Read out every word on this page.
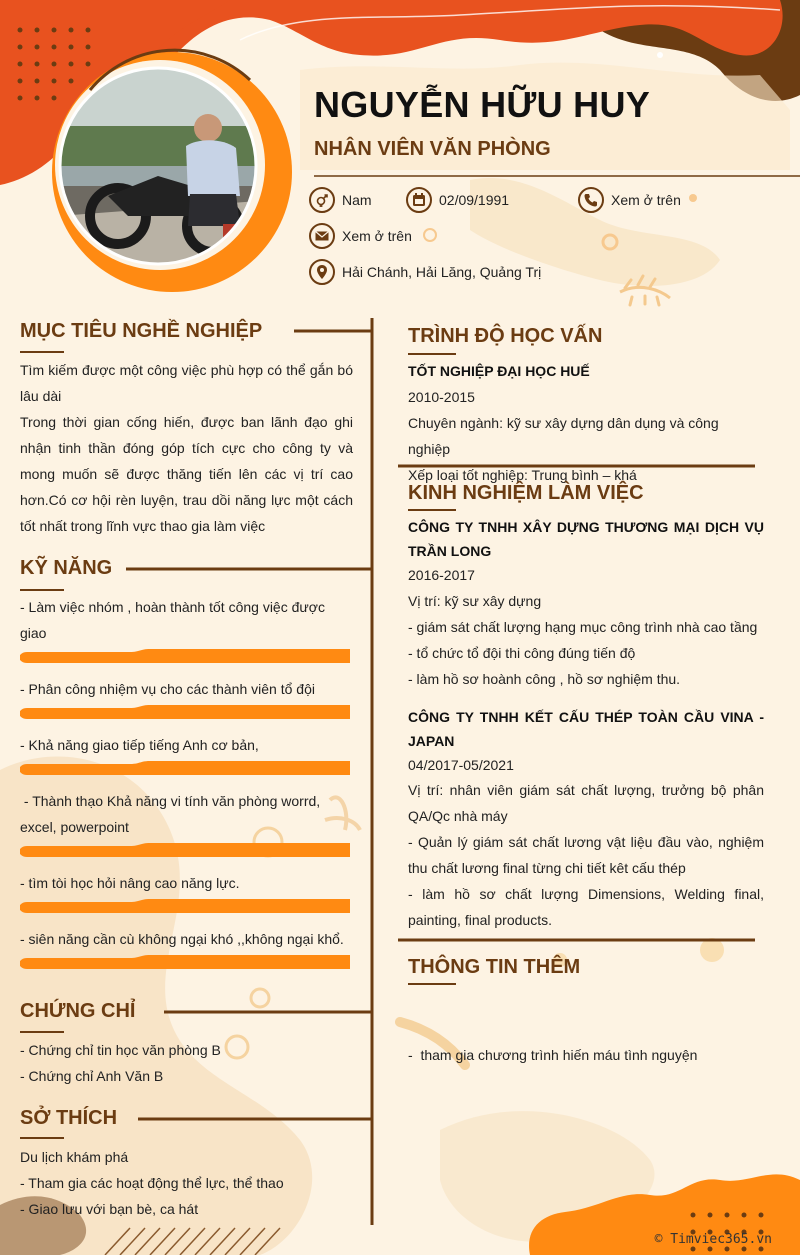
NGUYỄN HỮU HUY
NHÂN VIÊN VĂN PHÒNG
Nam	02/09/1991	Xem ở trên
Xem ở trên
Hải Chánh, Hải Lăng, Quảng Trị
MỤC TIÊU NGHỀ NGHIỆP

Tìm kiếm được một công việc phù hợp có thể gắn bó lâu dài

Trong thời gian cống hiến, được ban lãnh đạo ghi nhận tinh thần đóng góp tích cực cho công ty và mong muốn sẽ được thăng tiến lên các vị trí cao hơn.Có cơ hội rèn luyện, trau dồi năng lực một cách tốt nhất trong lĩnh vực thao gia làm việc

KỸ NĂNG
- Làm việc nhóm , hoàn thành tốt công việc được giao
- Phân công nhiệm vụ cho các thành viên tổ đội
- Khả năng giao tiếp tiếng Anh cơ bản,
- Thành thạo Khả năng vi tính văn phòng worrd, excel, powerpoint
- tìm tòi học hỏi nâng cao năng lực.
- siên năng cần cù không ngại khó ,,không ngại khổ.
CHỨNG CHỈ

- Chứng chỉ tin học văn phòng B

- Chứng chỉ Anh Văn B

SỞ THÍCH

Du lịch khám phá

- Tham gia các hoạt động thể lực, thể thao

- Giao lưu với bạn bè, ca hát

TRÌNH ĐỘ HỌC VẤN

TỐT NGHIỆP ĐẠI HỌC HUẾ

2010-2015

Chuyên ngành: kỹ sư xây dựng dân dụng và công nghiệp

Xếp loại tốt nghiệp: Trung bình – khá

KINH NGHIỆM LÀM VIỆC

CÔNG TY TNHH XÂY DỰNG THƯƠNG MẠI DỊCH VỤ TRẦN LONG

2016-2017

Vị trí: kỹ sư xây dựng

- giám sát chất lượng hạng mục công trình nhà cao tầng

- tổ chức tổ đội thi công đúng tiến độ

- làm hồ sơ hoành công , hồ sơ nghiệm thu.

CÔNG TY TNHH KẾT CẤU THÉP TOÀN CẦU VINA - JAPAN

04/2017-05/2021

Vị trí: nhân viên giám sát chất lượng, trưởng bộ phân QA/Qc nhà máy

- Quản lý giám sát chất lương vật liệu đầu vào, nghiệm thu chất lương final từng chi tiết kêt cấu thép

- làm hồ sơ chất lượng Dimensions, Welding final, painting, final products.

THÔNG TIN THÊM

-  tham gia chương trình hiến máu tình nguyện

© Timviec365.vn
